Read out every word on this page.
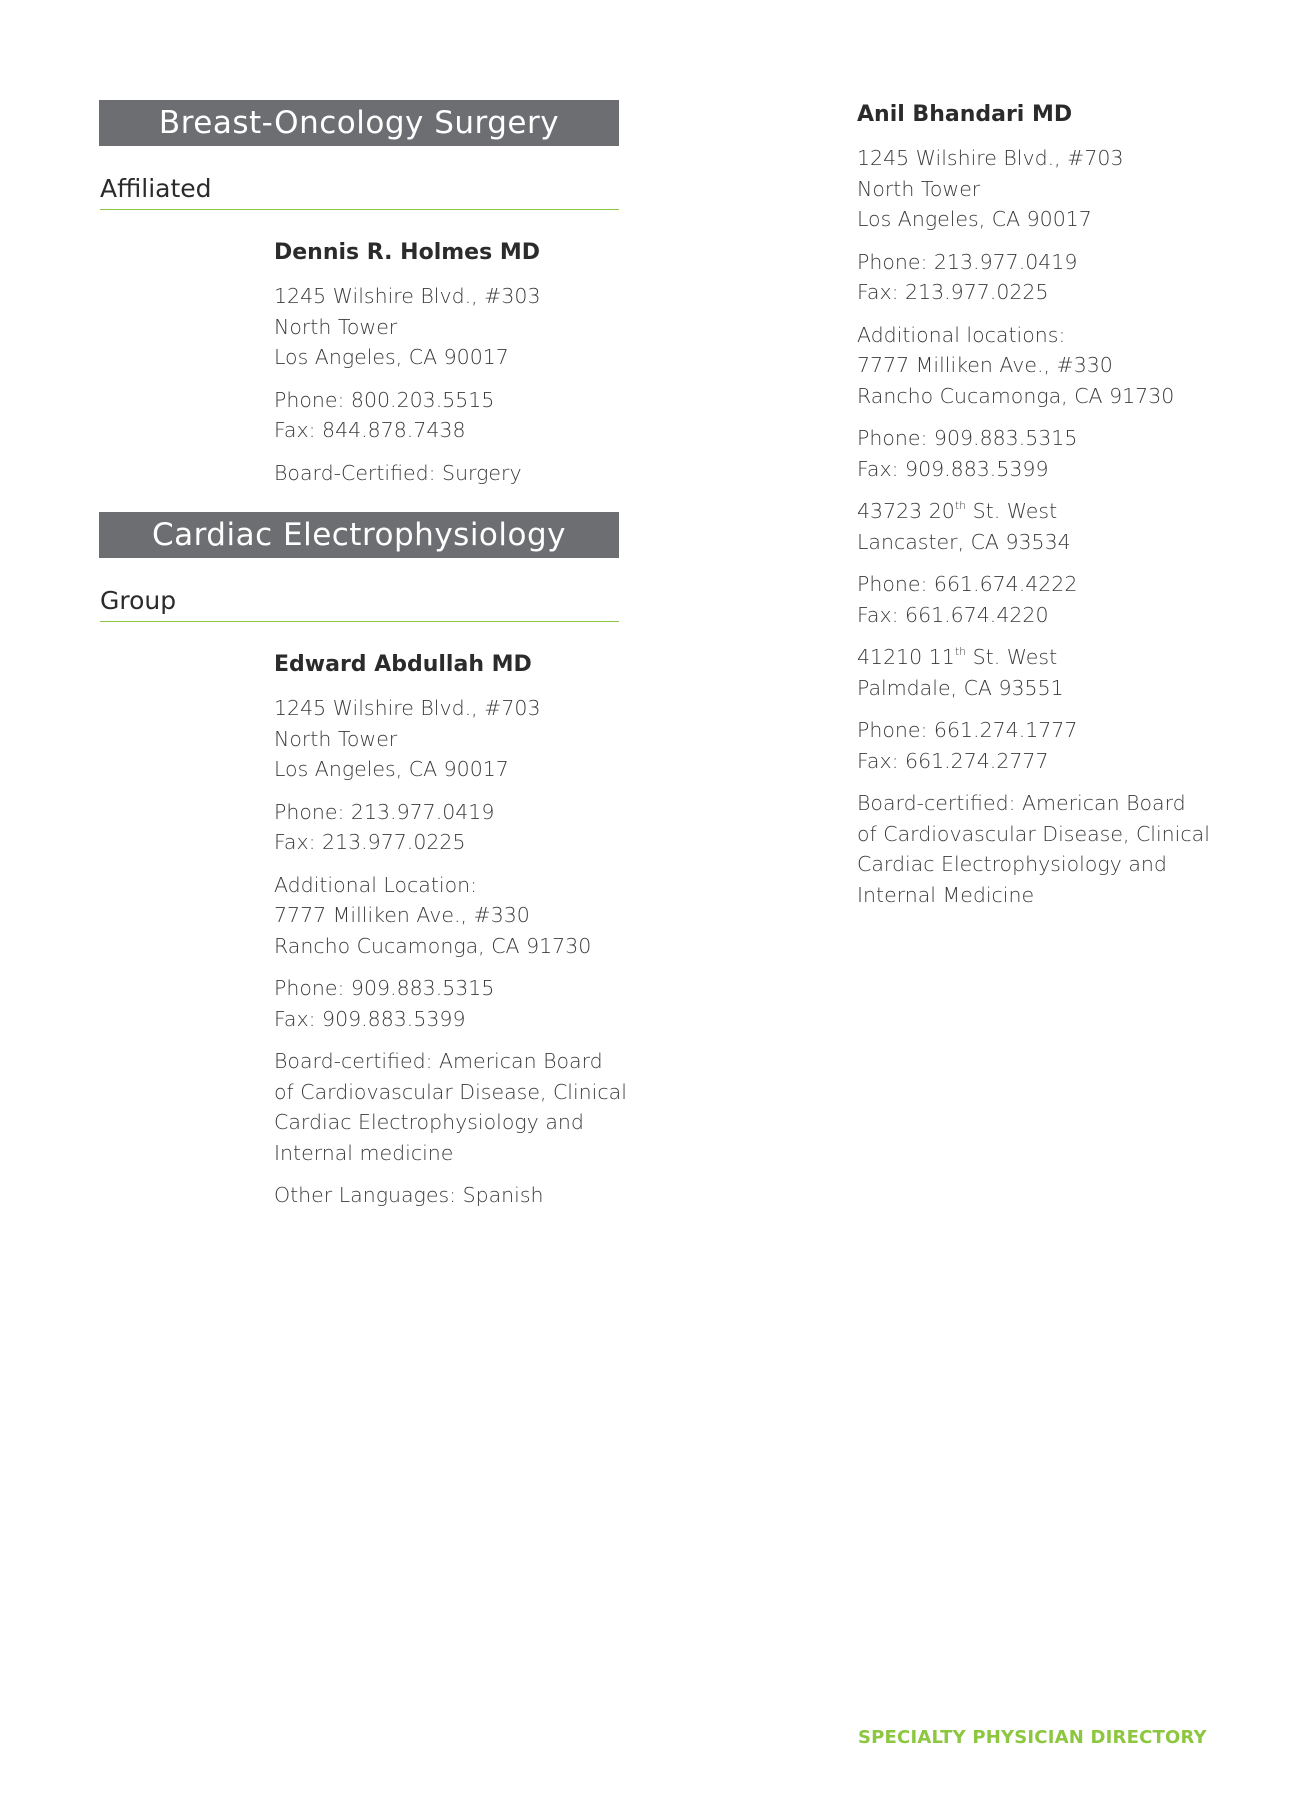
Breast-Oncology Surgery
Affiliated
Dennis R. Holmes MD
1245 Wilshire Blvd., #303
North Tower
Los Angeles, CA 90017
Phone: 800.203.5515
Fax: 844.878.7438
Board-Certified: Surgery
Cardiac Electrophysiology
Group
Edward Abdullah MD
1245 Wilshire Blvd., #703
North Tower
Los Angeles, CA 90017
Phone: 213.977.0419
Fax: 213.977.0225
Additional Location:
7777 Milliken Ave., #330
Rancho Cucamonga, CA 91730
Phone: 909.883.5315
Fax: 909.883.5399
Board-certified: American Board
of Cardiovascular Disease, Clinical
Cardiac Electrophysiology and
Internal medicine
Other Languages: Spanish
Anil Bhandari MD
1245 Wilshire Blvd., #703
North Tower
Los Angeles, CA 90017
Phone: 213.977.0419
Fax: 213.977.0225
Additional locations:
7777 Milliken Ave., #330
Rancho Cucamonga, CA 91730
Phone: 909.883.5315
Fax: 909.883.5399
43723 20th St. West
Lancaster, CA 93534
Phone: 661.674.4222
Fax: 661.674.4220
41210 11th St. West
Palmdale, CA 93551
Phone: 661.274.1777
Fax: 661.274.2777
Board-certified: American Board
of Cardiovascular Disease, Clinical
Cardiac Electrophysiology and
Internal Medicine
SPECIALTY PHYSICIAN DIRECTORY
